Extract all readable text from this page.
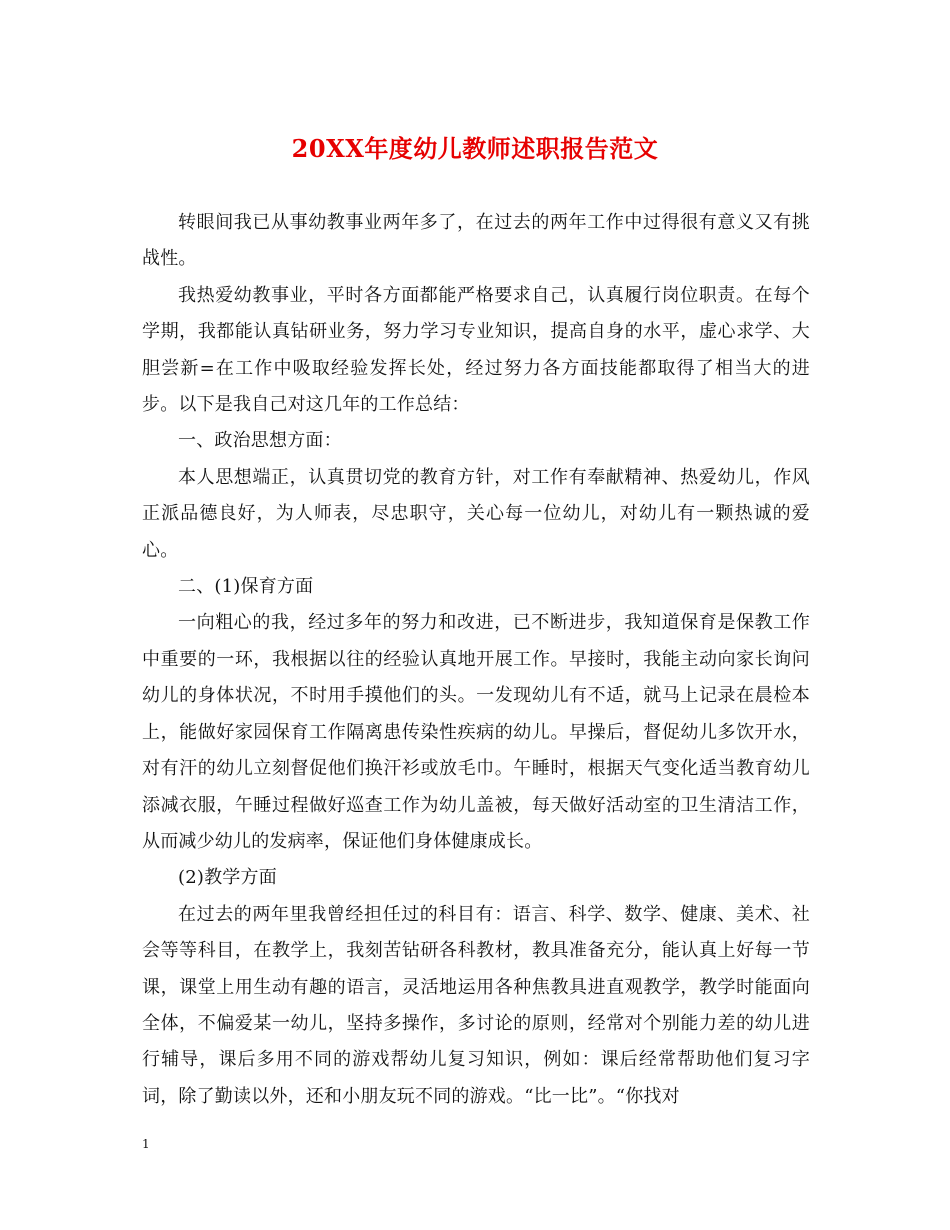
20XX年度幼儿教师述职报告范文

转眼间我已从事幼教事业两年多了，在过去的两年工作中过得很有意义又有挑战性。

我热爱幼教事业，平时各方面都能严格要求自己，认真履行岗位职责。在每个学期，我都能认真钻研业务，努力学习专业知识，提高自身的水平，虚心求学、大胆尝新=在工作中吸取经验发挥长处，经过努力各方面技能都取得了相当大的进步。以下是我自己对这几年的工作总结：

一、政治思想方面：

本人思想端正，认真贯切党的教育方针，对工作有奉献精神、热爱幼儿，作风正派品德良好，为人师表，尽忠职守，关心每一位幼儿，对幼儿有一颗热诚的爱心。

二、(1)保育方面

一向粗心的我，经过多年的努力和改进，已不断进步，我知道保育是保教工作中重要的一环，我根据以往的经验认真地开展工作。早接时，我能主动向家长询问幼儿的身体状况，不时用手摸他们的头。一发现幼儿有不适，就马上记录在晨检本上，能做好家园保育工作隔离患传染性疾病的幼儿。早操后，督促幼儿多饮开水，对有汗的幼儿立刻督促他们换汗衫或放毛巾。午睡时，根据天气变化适当教育幼儿添减衣服，午睡过程做好巡查工作为幼儿盖被，每天做好活动室的卫生清洁工作，从而减少幼儿的发病率，保证他们身体健康成长。

(2)教学方面

在过去的两年里我曾经担任过的科目有：语言、科学、数学、健康、美术、社会等等科目，在教学上，我刻苦钻研各科教材，教具准备充分，能认真上好每一节课，课堂上用生动有趣的语言，灵活地运用各种焦教具进直观教学，教学时能面向全体，不偏爱某一幼儿，坚持多操作，多讨论的原则，经常对个别能力差的幼儿进行辅导，课后多用不同的游戏帮幼儿复习知识，例如：课后经常帮助他们复习字词，除了勤读以外，还和小朋友玩不同的游戏。“比一比”。“你找对

1
